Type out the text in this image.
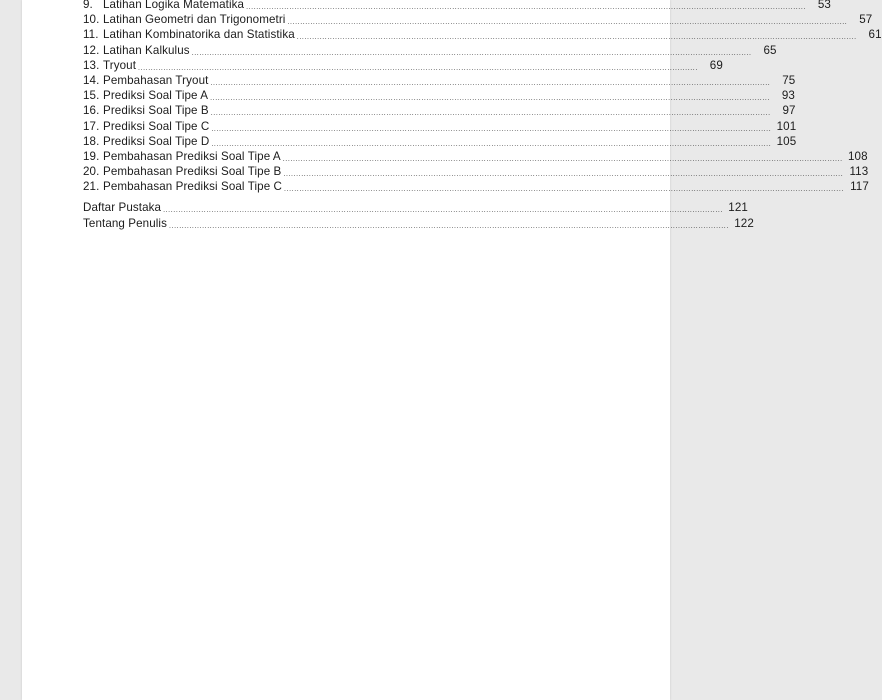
9. Latihan Logika Matematika ............................................................................................................................................................................................................................	53
10. Latihan Geometri dan Trigonometri ............................................................................................................................................................................................................................	57
11. Latihan Kombinatorika dan Statistika ............................................................................................................................................................................................................................	61
12. Latihan Kalkulus ............................................................................................................................................................................................................................	65
13. Tryout ............................................................................................................................................................................................................................	69
14. Pembahasan Tryout ............................................................................................................................................................................................................................	75
15. Prediksi Soal Tipe A ............................................................................................................................................................................................................................	93
16. Prediksi Soal Tipe B ............................................................................................................................................................................................................................	97
17. Prediksi Soal Tipe C ............................................................................................................................................................................................................................ 101
18. Prediksi Soal Tipe D ............................................................................................................................................................................................................................ 105
19. Pembahasan Prediksi Soal Tipe A ............................................................................................................................................................................................................................ 108
20. Pembahasan Prediksi Soal Tipe B ............................................................................................................................................................................................................................ 113
21. Pembahasan Prediksi Soal Tipe C ............................................................................................................................................................................................................................ 117
Daftar Pustaka ............................................................................................................................................................................................................................ 121
Tentang Penulis ............................................................................................................................................................................................................................ 122
